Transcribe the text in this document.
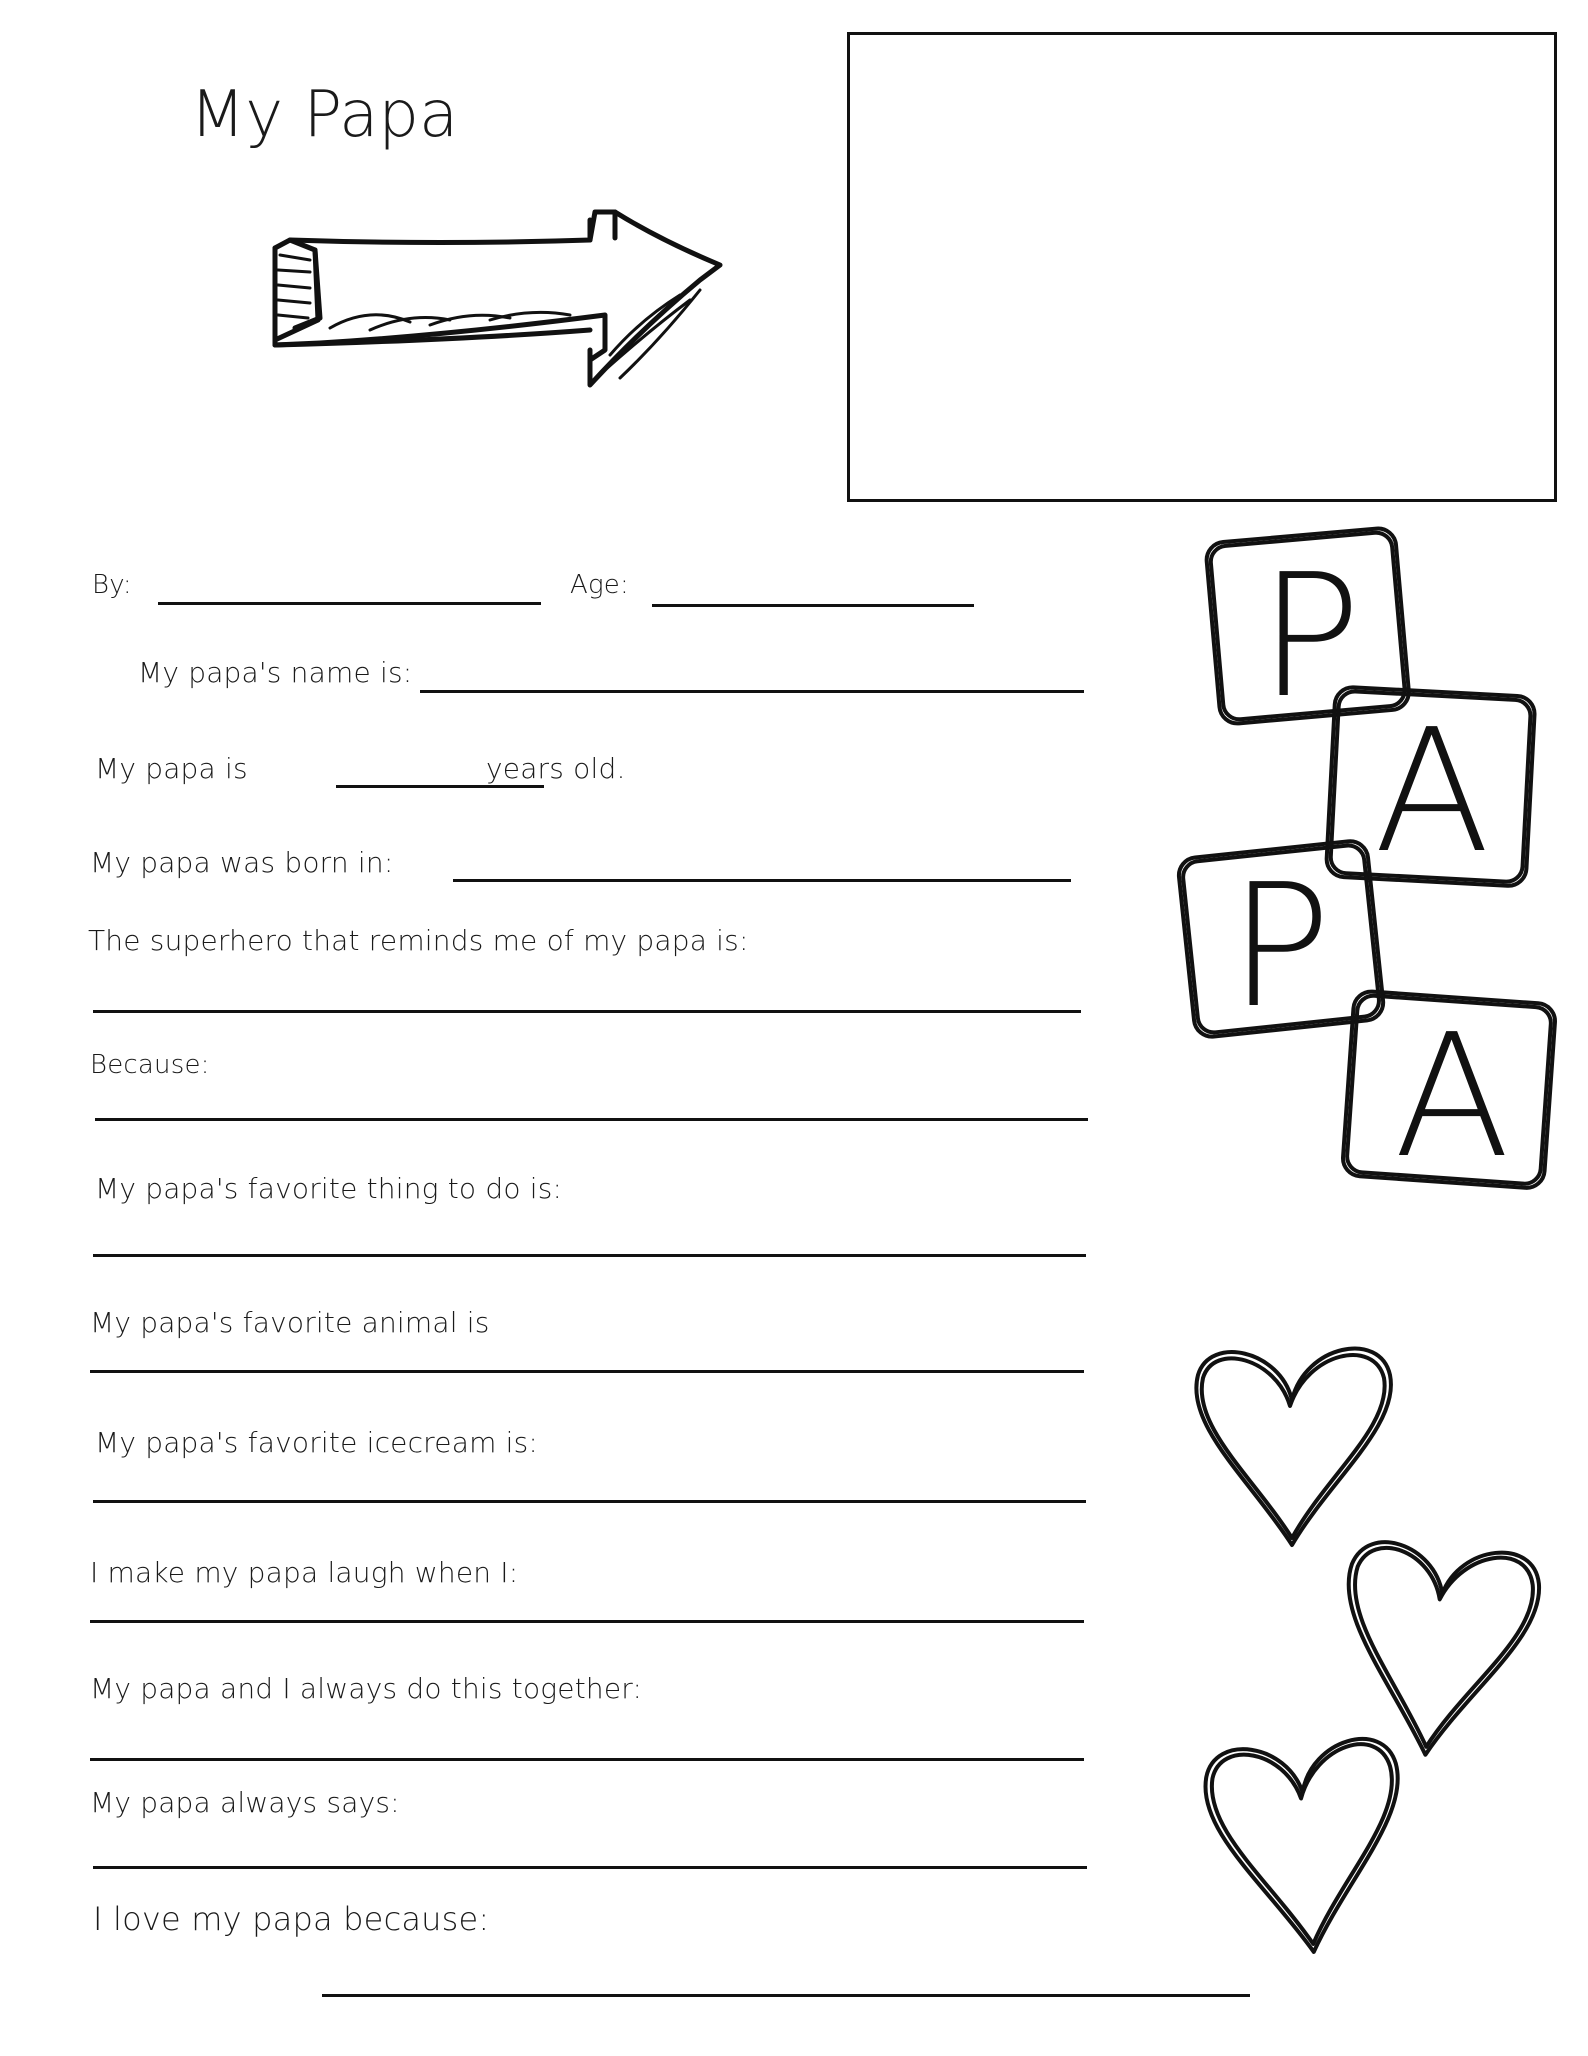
My Papa
By:	Age:
My papa's name is:
My papa is	years old.
My papa was born in:
The superhero that reminds me of my papa is:
Because:
My papa's favorite thing to do is:
My papa's favorite animal is
My papa's favorite icecream is:
I make my papa laugh when I:
My papa and I always do this together:
My papa always says:
I love my papa because:
P
A
P
A
